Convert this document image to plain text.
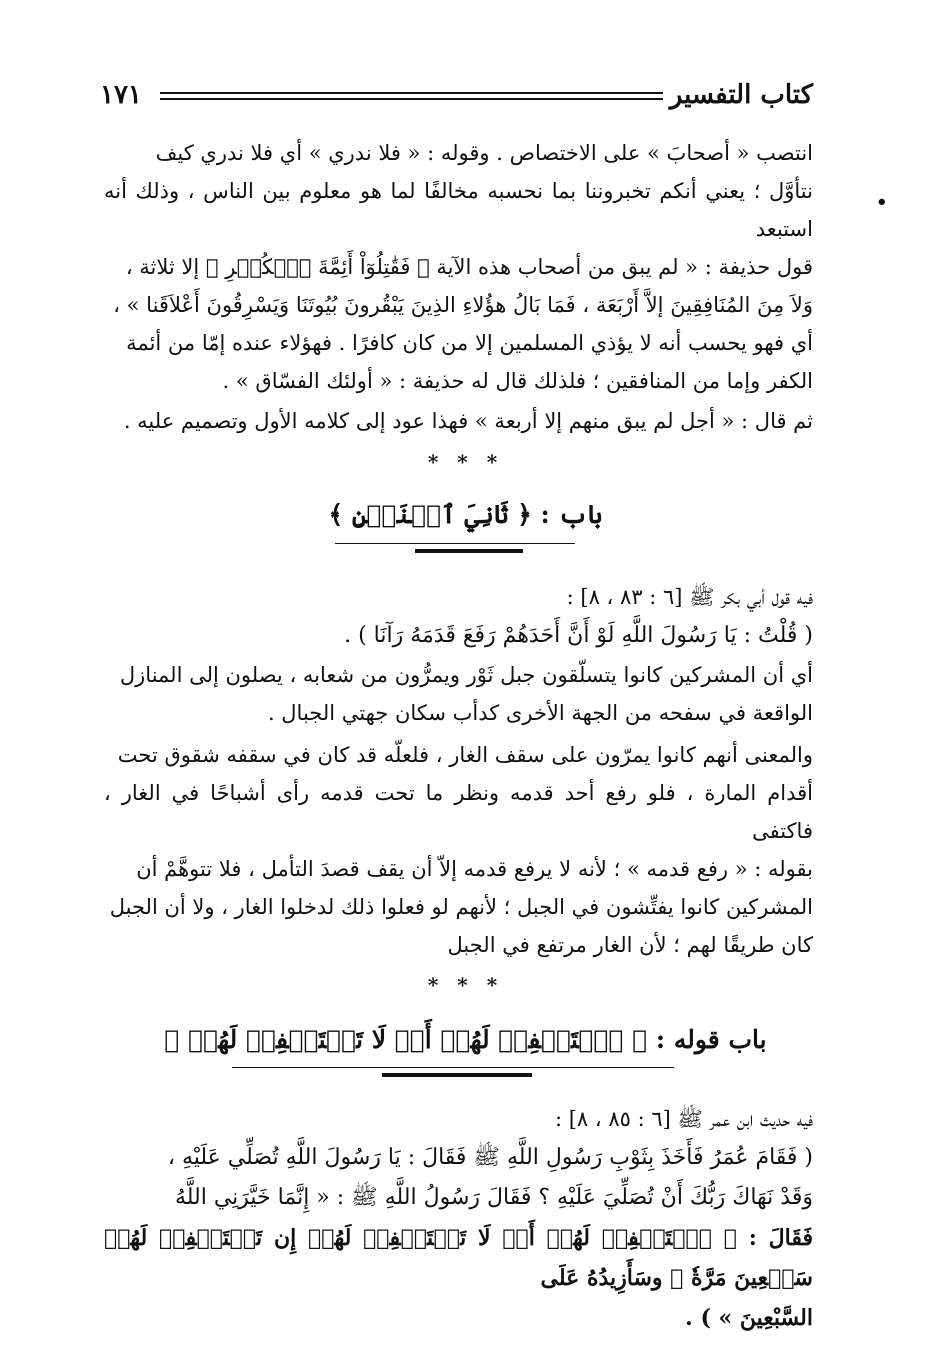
كتاب التفسير
١٧١
•

انتصب « أصحابَ » على الاختصاص . وقوله : « فلا ندري » أي فلا ندري كيف

نتأوَّل ؛ يعني أنكم تخبروننا بما نحسبه مخالفًا لما هو معلوم بين الناس ، وذلك أنه استبعد

قول حذيفة : « لم يبق من أصحاب هذه الآية ﴿ فَقَٰتِلُوٓاْ أَئِمَّةَ ٱلۡكُفۡرِ ﴾ إلا ثلاثة ،

وَلاَ مِنَ المُنَافِقِينَ إلاَّ أَرْبَعَة ، فَمَا بَالُ هؤُلاءِ الذِينَ يَبْقُرونَ بُيُوتَنَا وَيَسْرِقُونَ أَعْلاَقَنا » ،

أي فهو يحسب أنه لا يؤذي المسلمين إلا من كان كافرًا . فهؤلاء عنده إمّا من أئمة

الكفر وإما من المنافقين ؛ فلذلك قال له حذيفة : « أولئك الفسّاق » .

ثم قال : « أجل لم يبق منهم إلا أربعة » فهذا عود إلى كلامه الأول وتصميم عليه .

* * *
باب : ﴿ ثَانِيَ ٱثۡنَيۡنِ ﴾

فيه قول أبي بكر ﷺ [٦ : ٨٣ ، ٨] :

( قُلْتُ : يَا رَسُولَ اللَّهِ لَوْ أَنَّ أَحَدَهُمْ رَفَعَ قَدَمَهُ رَآنَا ) .

أي أن المشركين كانوا يتسلّقون جبل ثَوْر ويمرُّون من شعابه ، يصلون إلى المنازل

الواقعة في سفحه من الجهة الأخرى كدأب سكان جهتي الجبال .

والمعنى أنهم كانوا يمرّون على سقف الغار ، فلعلّه قد كان في سقفه شقوق تحت

أقدام المارة ، فلو رفع أحد قدمه ونظر ما تحت قدمه رأى أشباحًا في الغار ، فاكتفى

بقوله : « رفع قدمه » ؛ لأنه لا يرفع قدمه إلاّ أن يقف قصدَ التأمل ، فلا تتوهَّمْ أن

المشركين كانوا يفتِّشون في الجبل ؛ لأنهم لو فعلوا ذلك لدخلوا الغار ، ولا أن الجبل

كان طريقًا لهم ؛ لأن الغار مرتفع في الجبل

* * *
باب قوله : ﴿ ٱسۡتَغۡفِرۡ لَهُمۡ أَوۡ لَا تَسۡتَغۡفِرۡ لَهُمۡ ﴾

فيه حديث ابن عمر ﷺ [٦ : ٨٥ ، ٨] :

( فَقَامَ عُمَرُ فَأَخَذَ بِثَوْبِ رَسُولِ اللَّهِ ﷺ فَقَالَ : يَا رَسُولَ اللَّهِ تُصَلِّي عَلَيْهِ ،

وَقَدْ نَهَاكَ رَبُّكَ أَنْ تُصَلِّيَ عَلَيْهِ ؟ فَقَالَ رَسُولُ اللَّهِ ﷺ : « إِنَّمَا خَيَّرَنِي اللَّهُ

فَقَالَ : ﴿ ٱسۡتَغۡفِرۡ لَهُمۡ أَوۡ لَا تَسۡتَغۡفِرۡ لَهُمۡ إِن تَسۡتَغۡفِرۡ لَهُمۡ سَبۡعِينَ مَرَّةٗ ﴾ وسَأَزِيدُهُ عَلَى

السَّبْعِينَ » ) .
